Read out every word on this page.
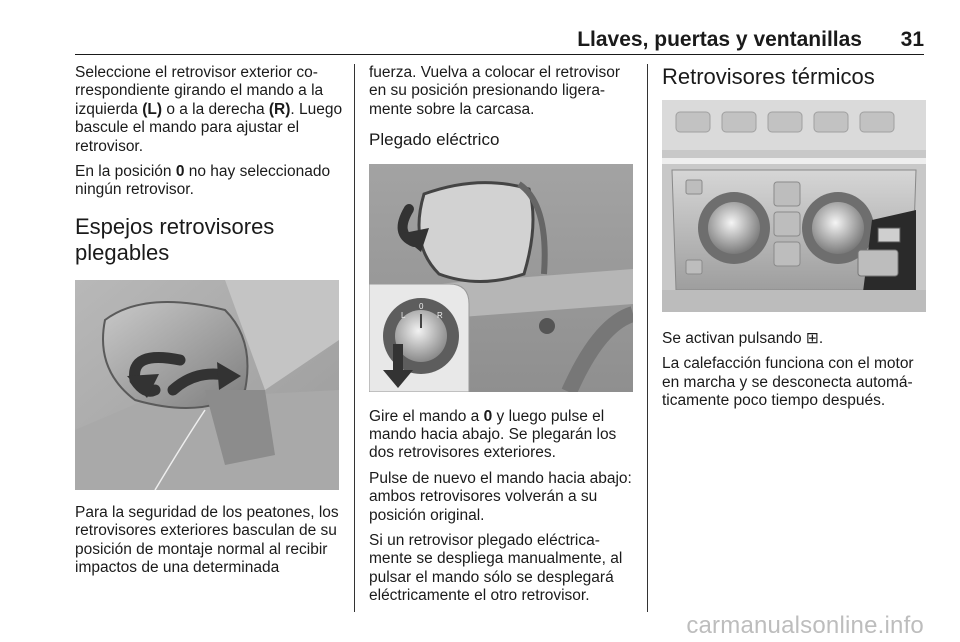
Llaves, puertas y ventanillas 31

Seleccione el retrovisor exterior co-rrespondiente girando el mando a la izquierda (L) o a la derecha (R). Luego bascule el mando para ajustar el retrovisor.

En la posición 0 no hay seleccionado ningún retrovisor.

Espejos retrovisores plegables

Para la seguridad de los peatones, los retrovisores exteriores basculan de su posición de montaje normal al recibir impactos de una determinada

fuerza. Vuelva a colocar el retrovisor en su posición presionando ligera-mente sobre la carcasa.

Plegado eléctrico
L
0
R

Gire el mando a 0 y luego pulse el mando hacia abajo. Se plegarán los dos retrovisores exteriores.

Pulse de nuevo el mando hacia abajo: ambos retrovisores volverán a su posición original.

Si un retrovisor plegado eléctrica-mente se despliega manualmente, al pulsar el mando sólo se desplegará eléctricamente el otro retrovisor.

Retrovisores térmicos

Se activan pulsando ⊞.

La calefacción funciona con el motor en marcha y se desconecta automá-ticamente poco tiempo después.

carmanualsonline.info
